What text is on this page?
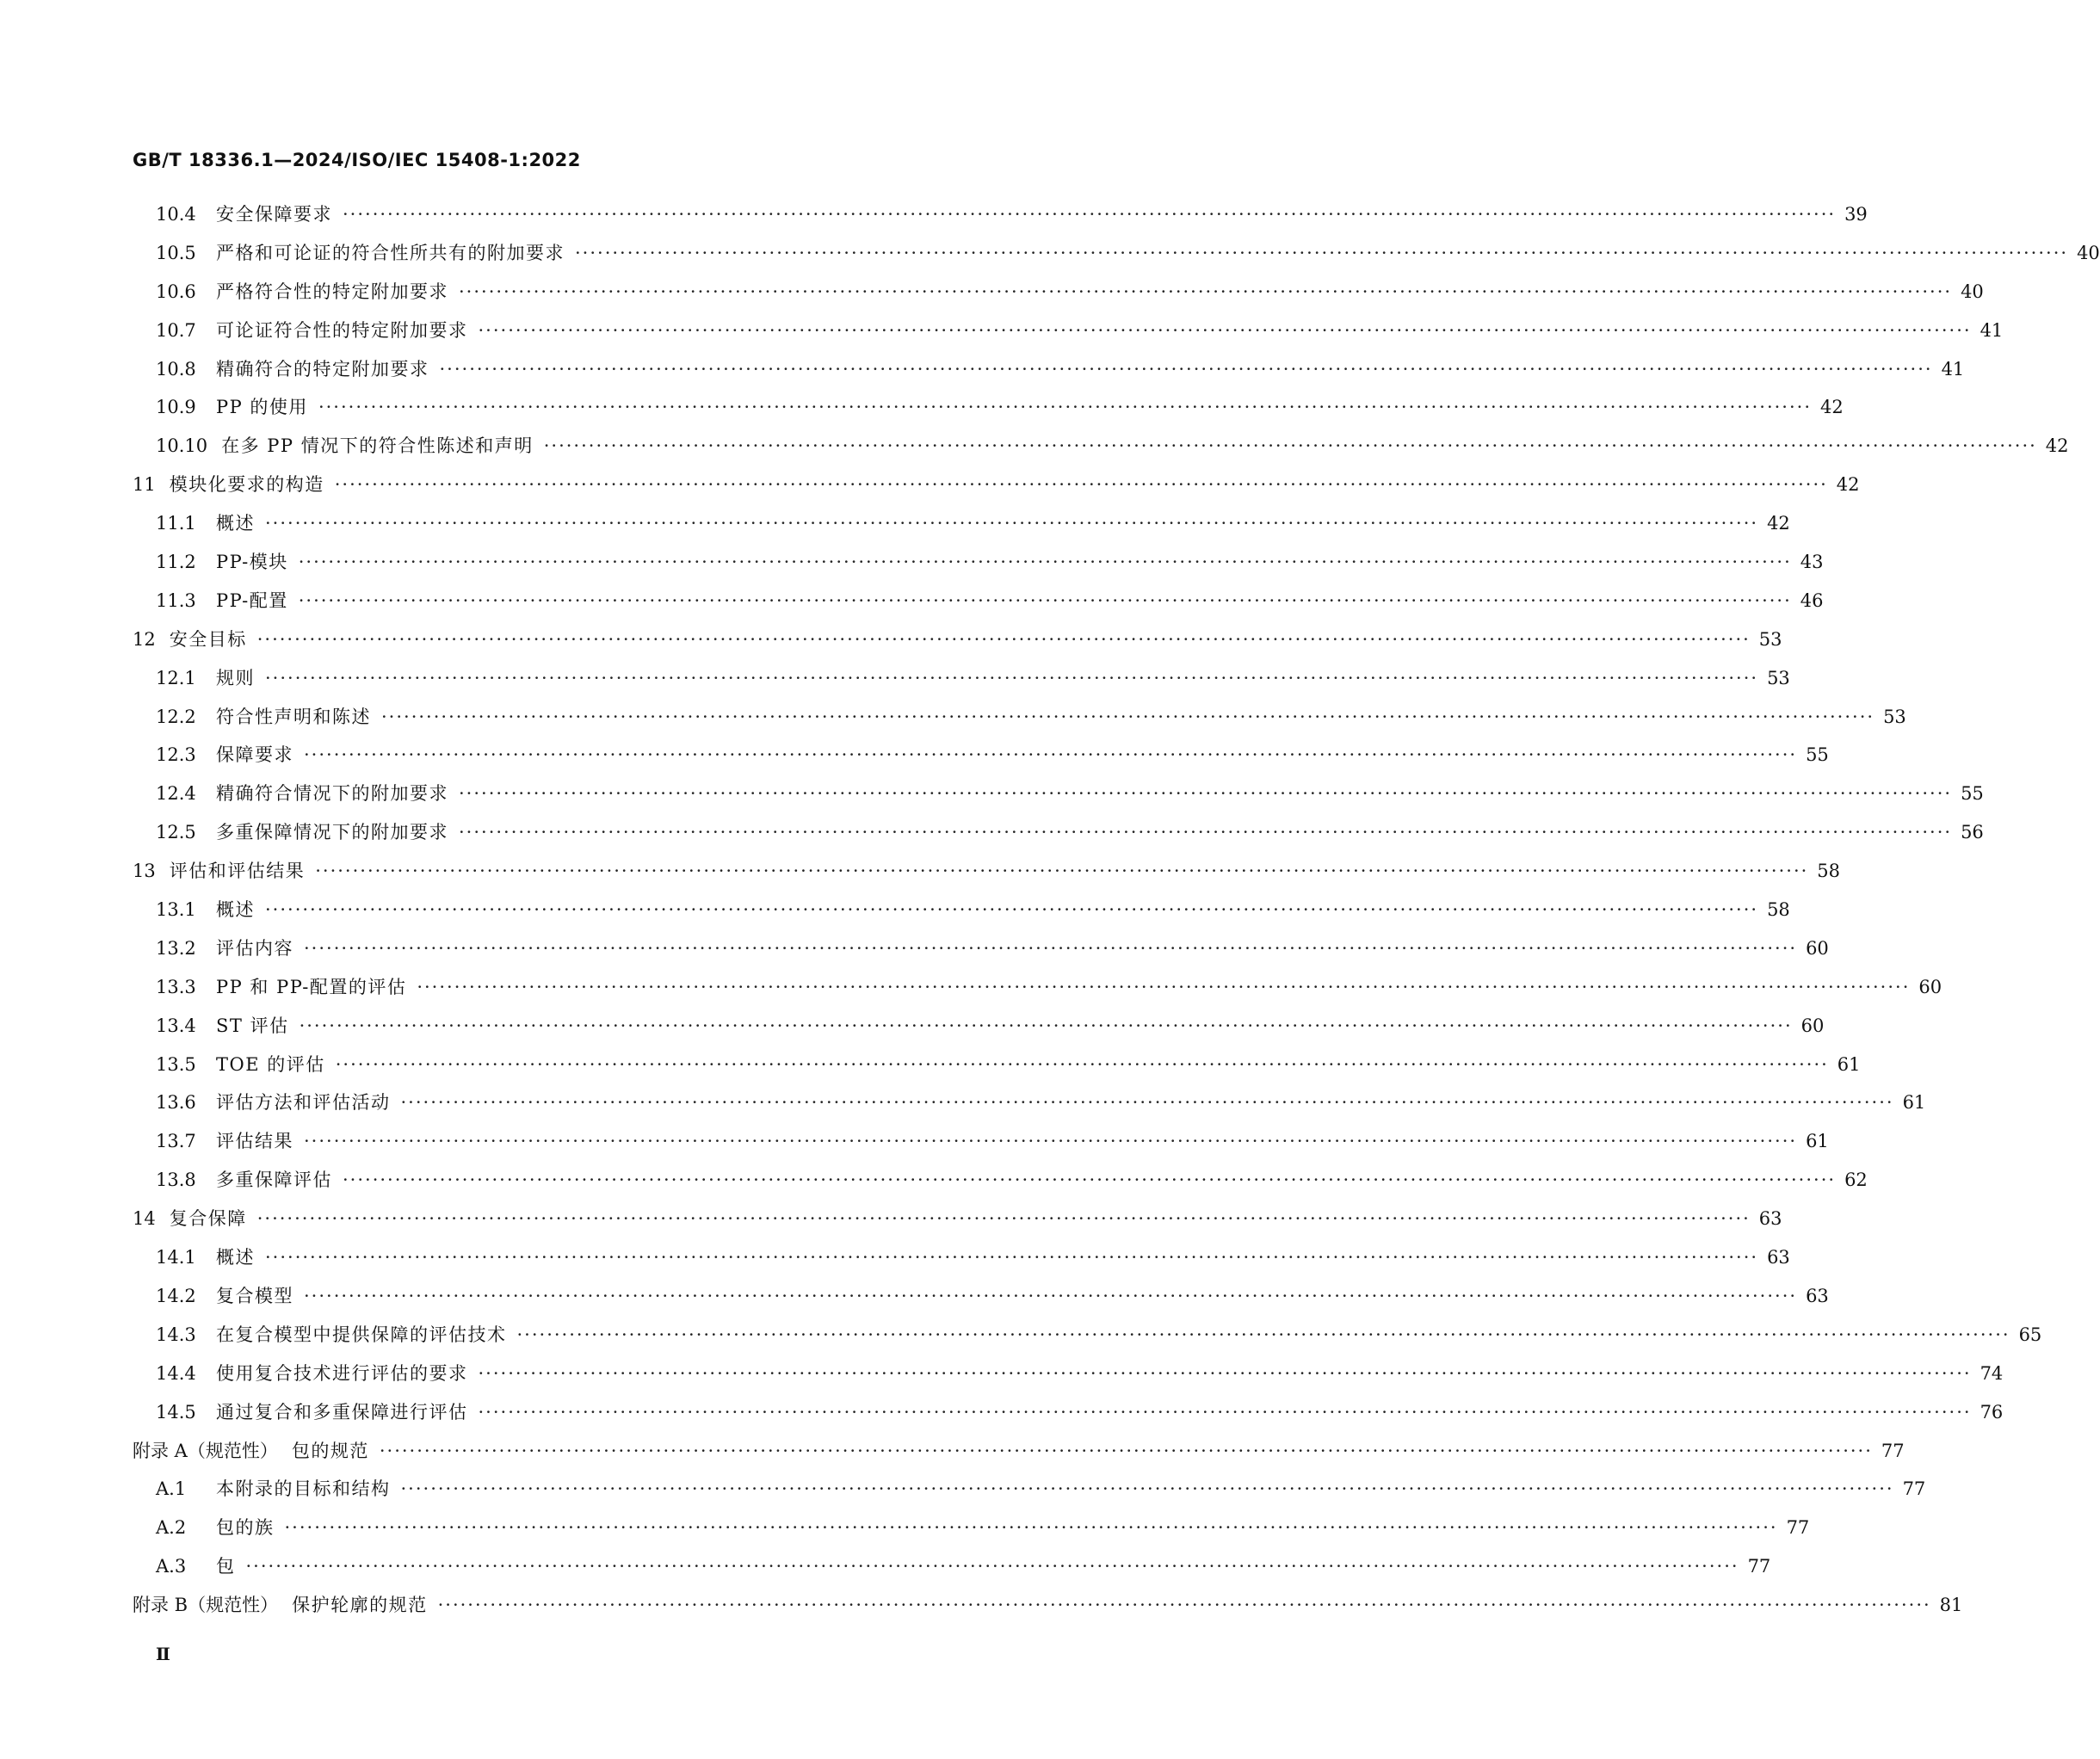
GB/T 18336.1—2024/ISO/IEC 15408-1:2022
10.4	安全保障要求 ········································································································································································································ 39
10.5	严格和可论证的符合性所共有的附加要求 ········································································································································································································ 40
10.6	严格符合性的特定附加要求 ········································································································································································································ 40
10.7	可论证符合性的特定附加要求 ········································································································································································································ 41
10.8	精确符合的特定附加要求 ········································································································································································································ 41
10.9	PP 的使用 ········································································································································································································ 42
10.10 在多 PP 情况下的符合性陈述和声明 ········································································································································································································ 42
11 模块化要求的构造 ········································································································································································································ 42
11.1	概述 ········································································································································································································ 42
11.2	PP-模块 ········································································································································································································ 43
11.3	PP-配置 ········································································································································································································ 46
12 安全目标 ········································································································································································································ 53
12.1	规则 ········································································································································································································ 53
12.2	符合性声明和陈述 ········································································································································································································ 53
12.3	保障要求 ········································································································································································································ 55
12.4	精确符合情况下的附加要求 ········································································································································································································ 55
12.5	多重保障情况下的附加要求 ········································································································································································································ 56
13 评估和评估结果 ········································································································································································································ 58
13.1	概述 ········································································································································································································ 58
13.2	评估内容 ········································································································································································································ 60
13.3	PP 和 PP-配置的评估 ········································································································································································································ 60
13.4	ST 评估 ········································································································································································································ 60
13.5	TOE 的评估 ········································································································································································································ 61
13.6	评估方法和评估活动 ········································································································································································································ 61
13.7	评估结果 ········································································································································································································ 61
13.8	多重保障评估 ········································································································································································································ 62
14 复合保障 ········································································································································································································ 63
14.1	概述 ········································································································································································································ 63
14.2	复合模型 ········································································································································································································ 63
14.3	在复合模型中提供保障的评估技术 ········································································································································································································ 65
14.4	使用复合技术进行评估的要求 ········································································································································································································ 74
14.5	通过复合和多重保障进行评估 ········································································································································································································ 76
附录 A（规范性） 包的规范 ········································································································································································································ 77
A.1	本附录的目标和结构 ········································································································································································································ 77
A.2	包的族 ········································································································································································································ 77
A.3	包 ········································································································································································································ 77
附录 B（规范性） 保护轮廓的规范 ········································································································································································································ 81
Ⅱ
